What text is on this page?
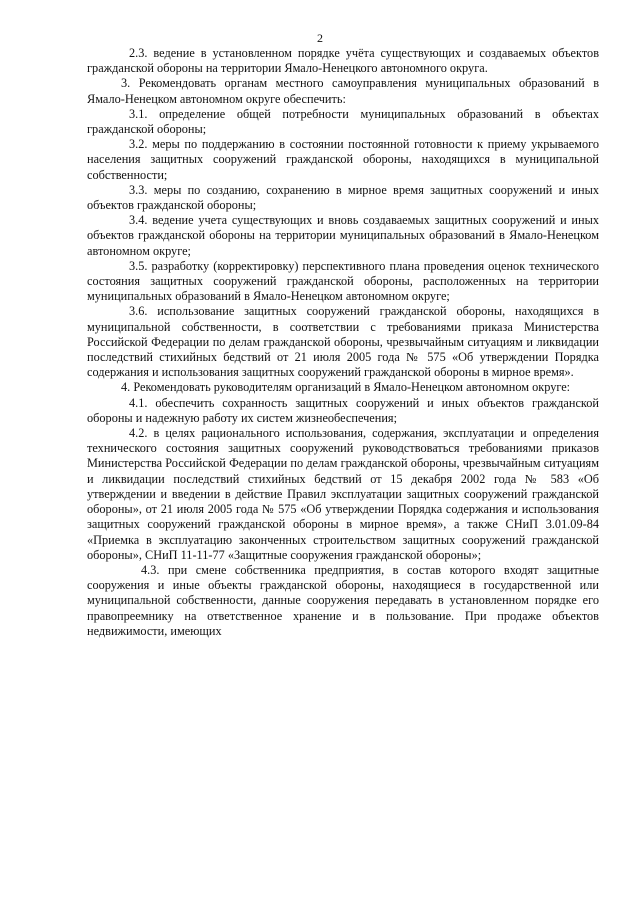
2

2.3. ведение в установленном порядке учёта существующих и создаваемых объектов гражданской обороны на территории Ямало-Ненецкого автономного округа.

3. Рекомендовать органам местного самоуправления муниципальных образований в Ямало-Ненецком автономном округе обеспечить:

3.1. определение общей потребности муниципальных образований в объектах гражданской обороны;

3.2. меры по поддержанию в состоянии постоянной готовности к приему укрываемого населения защитных сооружений гражданской обороны, находящихся в муниципальной собственности;

3.3. меры по созданию, сохранению в мирное время защитных сооружений и иных объектов гражданской обороны;

3.4. ведение учета существующих и вновь создаваемых защитных сооружений и иных объектов гражданской обороны на территории муниципальных образований в Ямало-Ненецком автономном округе;

3.5. разработку (корректировку) перспективного плана проведения оценок технического состояния защитных сооружений гражданской обороны, расположенных на территории муниципальных образований в Ямало-Ненецком автономном округе;

3.6. использование защитных сооружений гражданской обороны, находящихся в муниципальной собственности, в соответствии с требованиями приказа Министерства Российской Федерации по делам гражданской обороны, чрезвычайным ситуациям и ликвидации последствий стихийных бедствий от 21 июля 2005 года № 575 «Об утверждении Порядка содержания и использования защитных сооружений гражданской обороны в мирное время».

4. Рекомендовать руководителям организаций в Ямало-Ненецком автономном округе:

4.1. обеспечить сохранность защитных сооружений и иных объектов гражданской обороны и надежную работу их систем жизнеобеспечения;

4.2. в целях рационального использования, содержания, эксплуатации и определения технического состояния защитных сооружений руководствоваться требованиями приказов Министерства Российской Федерации по делам гражданской обороны, чрезвычайным ситуациям и ликвидации последствий стихийных бедствий от 15 декабря 2002 года № 583 «Об утверждении и введении в действие Правил эксплуатации защитных сооружений гражданской обороны», от 21 июля 2005 года № 575 «Об утверждении Порядка содержания и использования защитных сооружений гражданской обороны в мирное время», а также СНиП 3.01.09-84 «Приемка в эксплуатацию законченных строительством защитных сооружений гражданской обороны», СНиП 11-11-77 «Защитные сооружения гражданской обороны»;

4.3. при смене собственника предприятия, в состав которого входят защитные сооружения и иные объекты гражданской обороны, находящиеся в государственной или муниципальной собственности, данные сооружения передавать в установленном порядке его правопреемнику на ответственное хранение и в пользование. При продаже объектов недвижимости, имеющих
